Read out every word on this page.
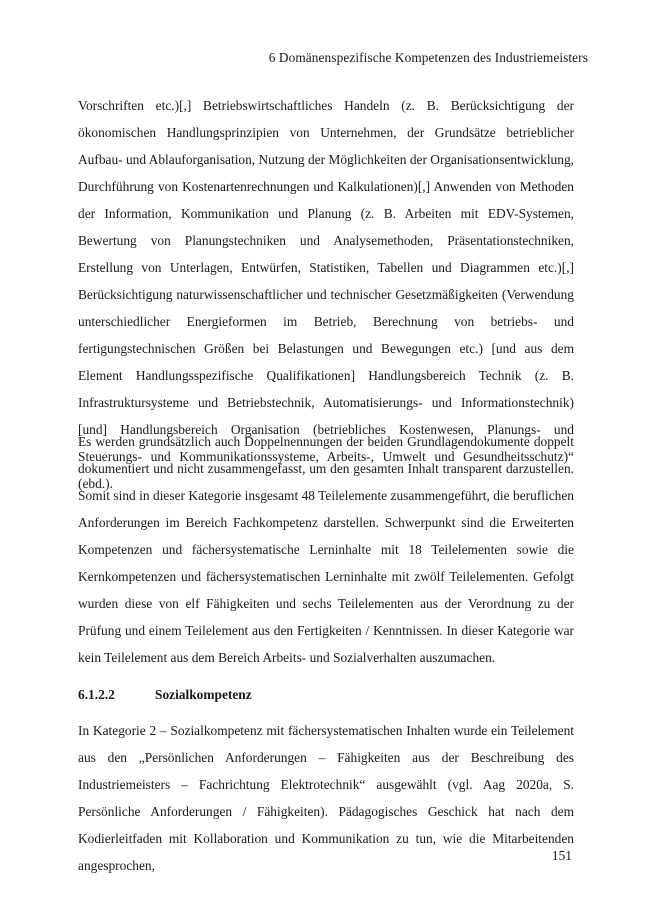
6 Domänenspezifische Kompetenzen des Industriemeisters

Vorschriften etc.)[,] Betriebswirtschaftliches Handeln (z. B. Berücksichtigung der ökonomischen Handlungsprinzipien von Unternehmen, der Grundsätze betrieblicher Aufbau- und Ablauforganisation, Nutzung der Möglichkeiten der Organisationsentwicklung, Durchführung von Kostenartenrechnungen und Kalkulationen)[,] Anwenden von Methoden der Information, Kommunikation und Planung (z. B. Arbeiten mit EDV-Systemen, Bewertung von Planungstechniken und Analysemethoden, Präsentationstechniken, Erstellung von Unterlagen, Entwürfen, Statistiken, Tabellen und Diagrammen etc.)[,] Berücksichtigung naturwissenschaftlicher und technischer Gesetzmäßigkeiten (Verwendung unterschiedlicher Energieformen im Betrieb, Berechnung von betriebs- und fertigungstechnischen Größen bei Belastungen und Bewegungen etc.) [und aus dem Element Handlungsspezifische Qualifikationen] Handlungsbereich Technik (z. B. Infrastruktursysteme und Betriebstechnik, Automatisierungs- und Informationstechnik) [und] Handlungsbereich Organisation (betriebliches Kostenwesen, Planungs- und Steuerungs- und Kommunikationssysteme, Arbeits-, Umwelt und Gesundheitsschutz)“ (ebd.).

Es werden grundsätzlich auch Doppelnennungen der beiden Grundlagendokumente doppelt dokumentiert und nicht zusammengefasst, um den gesamten Inhalt transparent darzustellen. Somit sind in dieser Kategorie insgesamt 48 Teilelemente zusammengeführt, die beruflichen Anforderungen im Bereich Fachkompetenz darstellen. Schwerpunkt sind die Erweiterten Kompetenzen und fächersystematische Lerninhalte mit 18 Teilelementen sowie die Kernkompetenzen und fächersystematischen Lerninhalte mit zwölf Teilelementen. Gefolgt wurden diese von elf Fähigkeiten und sechs Teilelementen aus der Verordnung zu der Prüfung und einem Teilelement aus den Fertigkeiten / Kenntnissen. In dieser Kategorie war kein Teilelement aus dem Bereich Arbeits- und Sozialverhalten auszumachen.

6.1.2.2	Sozialkompetenz

In Kategorie 2 – Sozialkompetenz mit fächersystematischen Inhalten wurde ein Teilelement aus den „Persönlichen Anforderungen – Fähigkeiten aus der Beschreibung des Industriemeisters – Fachrichtung Elektrotechnik“ ausgewählt (vgl. Aag 2020a, S. Persönliche Anforderungen / Fähigkeiten). Pädagogisches Geschick hat nach dem Kodierleitfaden mit Kollaboration und Kommunikation zu tun, wie die Mitarbeitenden angesprochen,

151
